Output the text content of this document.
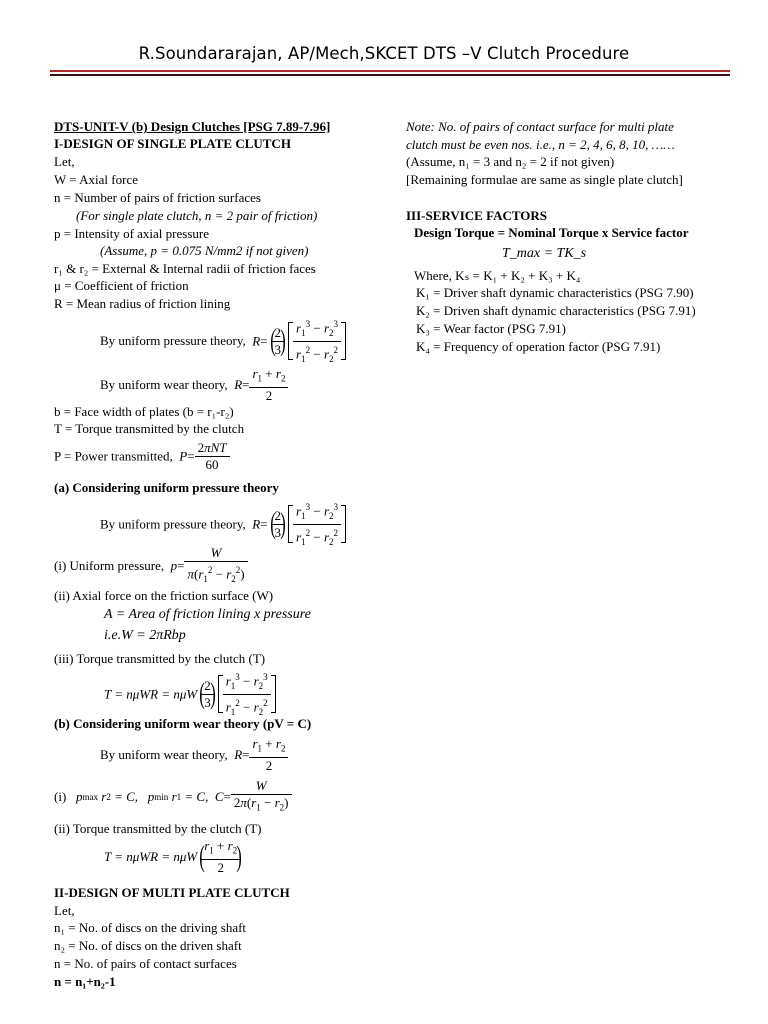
R.Soundararajan, AP/Mech,SKCET DTS –V Clutch Procedure
DTS-UNIT-V (b) Design Clutches [PSG 7.89-7.96]
I-DESIGN OF SINGLE PLATE CLUTCH
Let,
W = Axial force
n = Number of pairs of friction surfaces
(For single plate clutch, n = 2 pair of friction)
p = Intensity of axial pressure
(Assume, p = 0.075 N/mm2 if not given)
r₁ & r₂ = External & Internal radii of friction faces
μ = Coefficient of friction
R = Mean radius of friction lining
By uniform pressure theory,  R=(
$\frac{2}{3}$
) $\frac{r_1^3 - r_2^3}{r_1^2 - r_2^2}$
By uniform wear theory,  $R= \frac{r_1 + r_2}{2}$
b = Face width of plates (b = r₁-r₂)
T = Torque transmitted by the clutch
P = Power transmitted,  $P= \frac{\text{2πNT}}{60}$
(a) Considering uniform pressure theory
By uniform pressure theory,  R=(
$\frac{2}{3}$
) $\frac{r_1^3 - r_2^3}{r_1^2 - r_2^2}$
(i) Uniform pressure,  $p= \frac{W}{\pi(r_1^2 - r_2^2)}$
(ii) Axial force on the friction surface (W)
A = Area of friction lining x pressure
i.e.W = 2πRbp
(iii) Torque transmitted by the clutch (T)
T = nμWR = nμW(
$\frac{2}{3}$
) $\frac{r_1^3 - r_2^3}{r_1^2 - r_2^2}$
(b) Considering uniform wear theory (pV = C)
By uniform wear theory,  $R= \frac{r_1 + r_2}{2}$
(i)   pmax r2 = C,   pmin r1 = C,  $C= \frac{W}{2\pi(r_1 - r_2)}$
(ii) Torque transmitted by the clutch (T)
T = nμWR = nμW(
$\frac{r_1 + r_2}{2}$
)
II-DESIGN OF MULTI PLATE CLUTCH
Let,
n₁ = No. of discs on the driving shaft
n₂ = No. of discs on the driven shaft
n = No. of pairs of contact surfaces
n = n₁+n₂-1
Note: No. of pairs of contact surface for multi plate
clutch must be even nos. i.e., n = 2, 4, 6, 8, 10, ……
(Assume, n₁ = 3 and n₂ = 2 if not given)
[Remaining formulae are same as single plate clutch]
III-SERVICE FACTORS
Design Torque = Nominal Torque x Service factor
T_max = TK_s
Where, Kₛ = K₁ + K₂ + K₃ + K₄
K₁ = Driver shaft dynamic characteristics (PSG 7.90)
K₂ = Driven shaft dynamic characteristics (PSG 7.91)
K₃ = Wear factor (PSG 7.91)
K₄ = Frequency of operation factor (PSG 7.91)
